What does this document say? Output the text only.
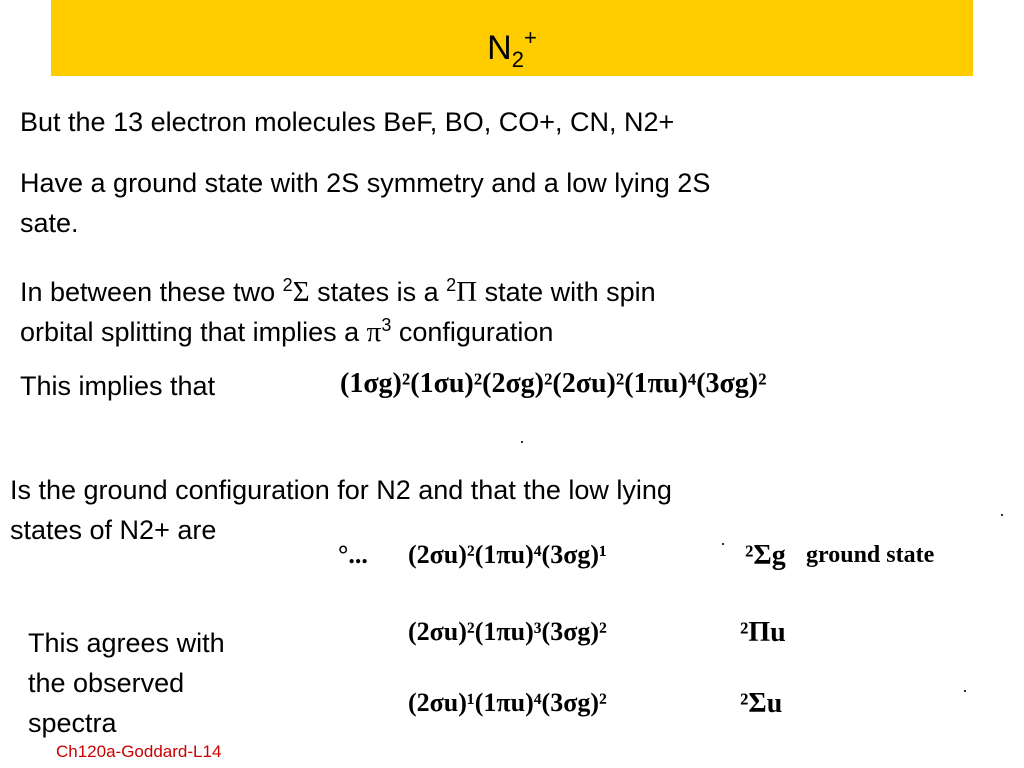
$N_2^+$
But the 13 electron molecules BeF, BO, CO+, CN, N2+
Have a ground state with 2S symmetry and a low lying 2S
sate.
In between these two $^2$Σ states is a $^2$Π state with spin
orbital splitting that implies a $\pi^3$ configuration
This implies that	(1σg)²(1σu)²(2σg)²(2σu)²(1πu)⁴(3σg)²
Is the ground configuration for N2 and that the low lying
states of N2+ are
°... (2σu)²(1πu)⁴(3σg)¹	²Σg ground state
(2σu)²(1πu)³(3σg)²	²Πu
(2σu)¹(1πu)⁴(3σg)²	²Σu
This agrees with
the observed
spectra
Ch120a-Goddard-L14
